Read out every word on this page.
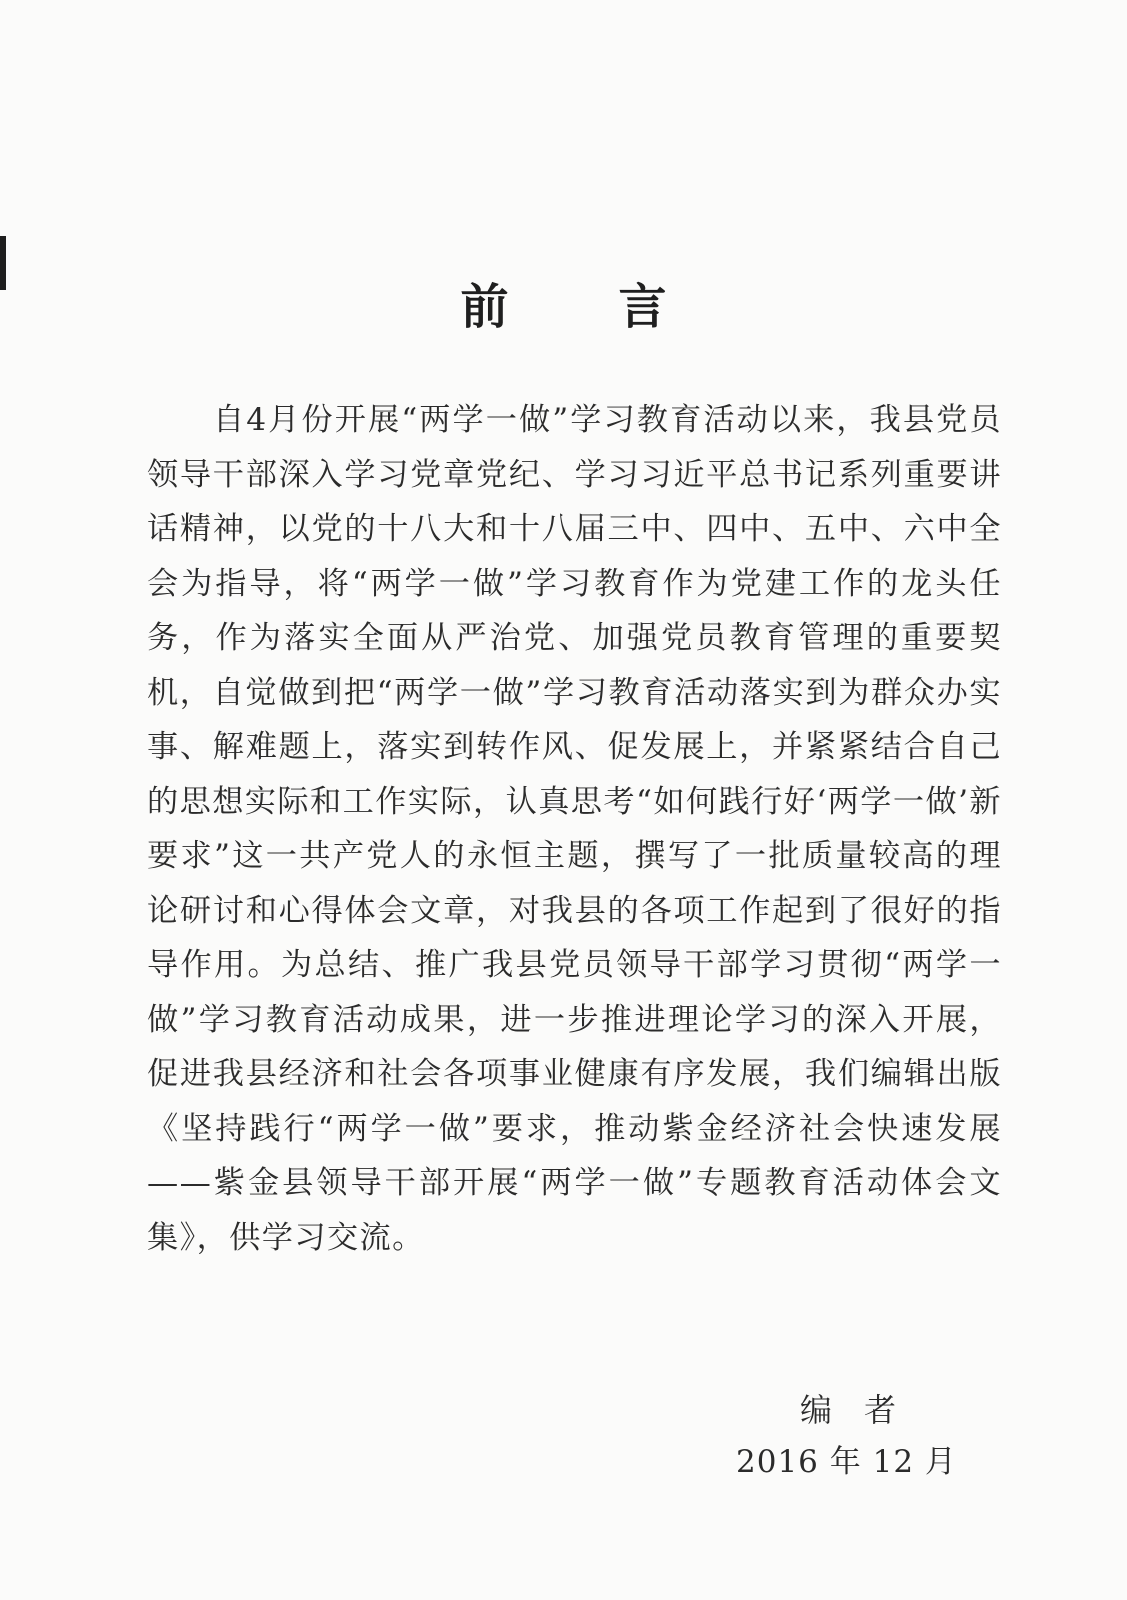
前 言

自4月份开展“两学一做”学习教育活动以来，我县党员领导干部深入学习党章党纪、学习习近平总书记系列重要讲话精神，以党的十八大和十八届三中、四中、五中、六中全会为指导，将“两学一做”学习教育作为党建工作的龙头任务，作为落实全面从严治党、加强党员教育管理的重要契机，自觉做到把“两学一做”学习教育活动落实到为群众办实事、解难题上，落实到转作风、促发展上，并紧紧结合自己的思想实际和工作实际，认真思考“如何践行好‘两学一做’新要求”这一共产党人的永恒主题，撰写了一批质量较高的理论研讨和心得体会文章，对我县的各项工作起到了很好的指导作用。为总结、推广我县党员领导干部学习贯彻“两学一做”学习教育活动成果，进一步推进理论学习的深入开展，促进我县经济和社会各项事业健康有序发展，我们编辑出版《坚持践行“两学一做”要求，推动紫金经济社会快速发展——紫金县领导干部开展“两学一做”专题教育活动体会文集》，供学习交流。

编 者
2016 年 12 月
